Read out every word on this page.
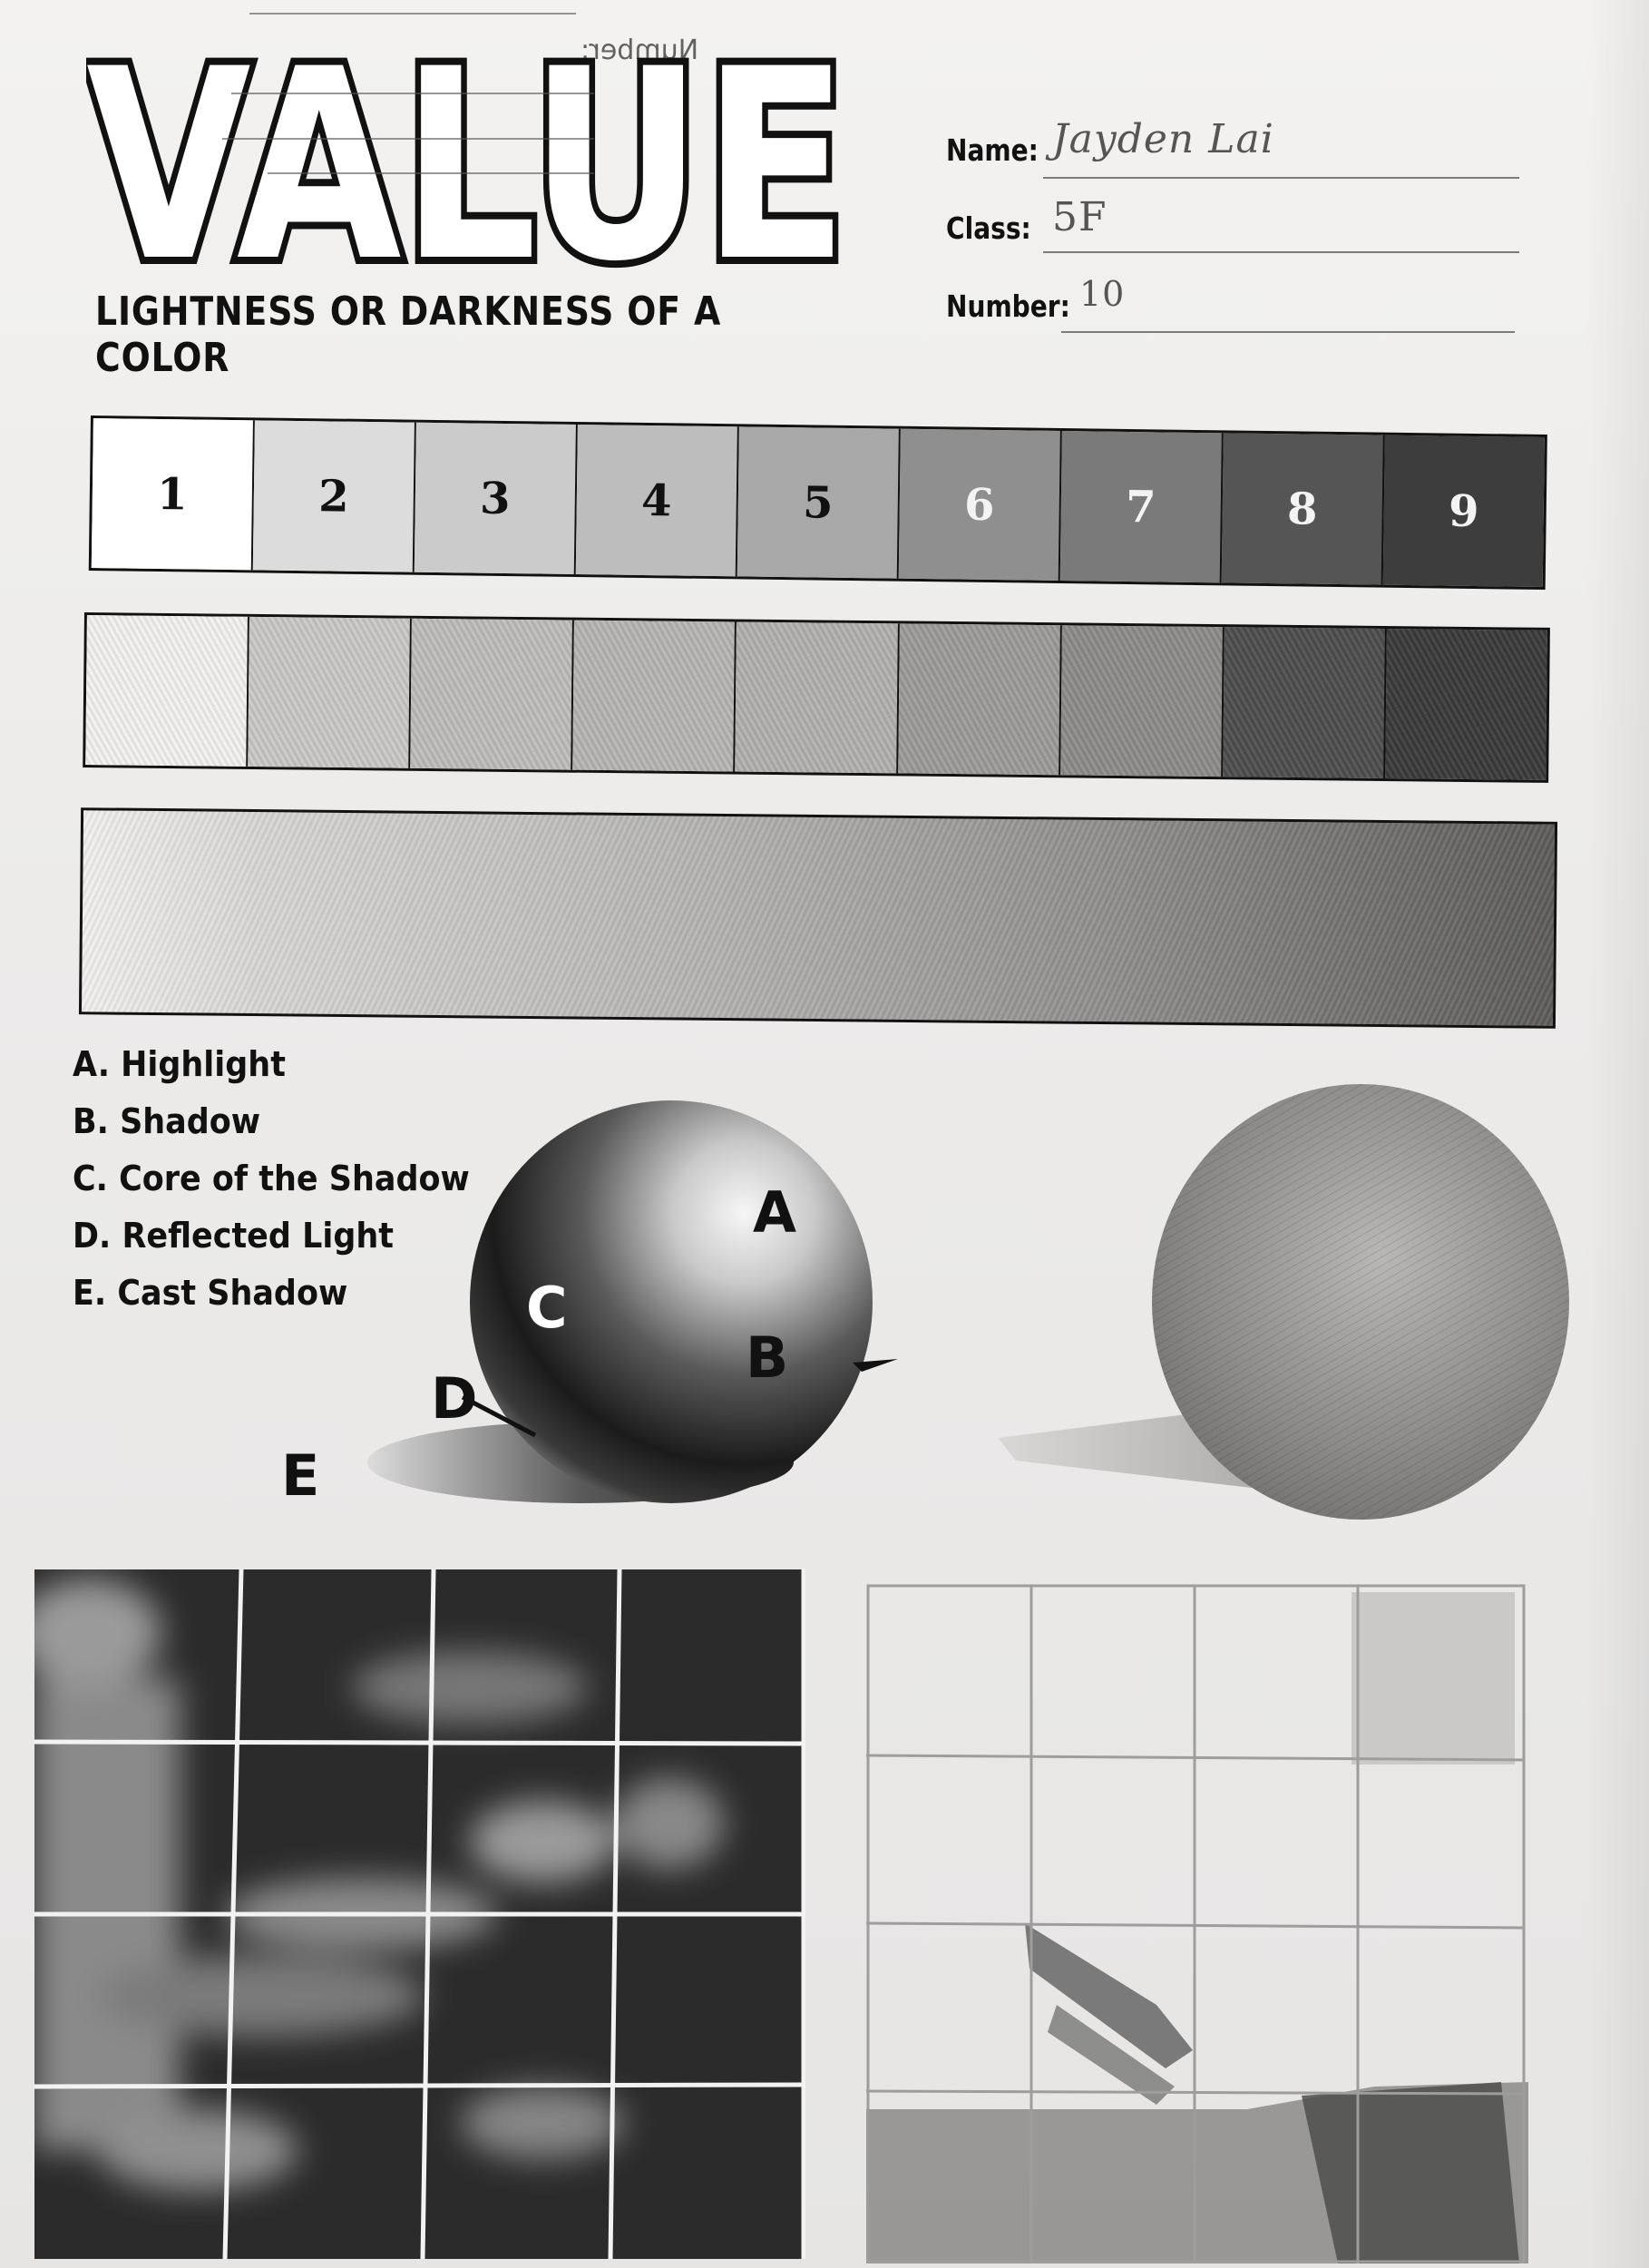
Number:
VALUE
LIGHTNESS OR DARKNESS OF A COLOR
Name: Jayden Lai
Class: 5F
Number: 10
1	2	3	4	5	6	7	8	9
A. Highlight
B. Shadow
C. Core of the Shadow
D. Reflected Light
E. Cast Shadow
A
B
C
D
E
